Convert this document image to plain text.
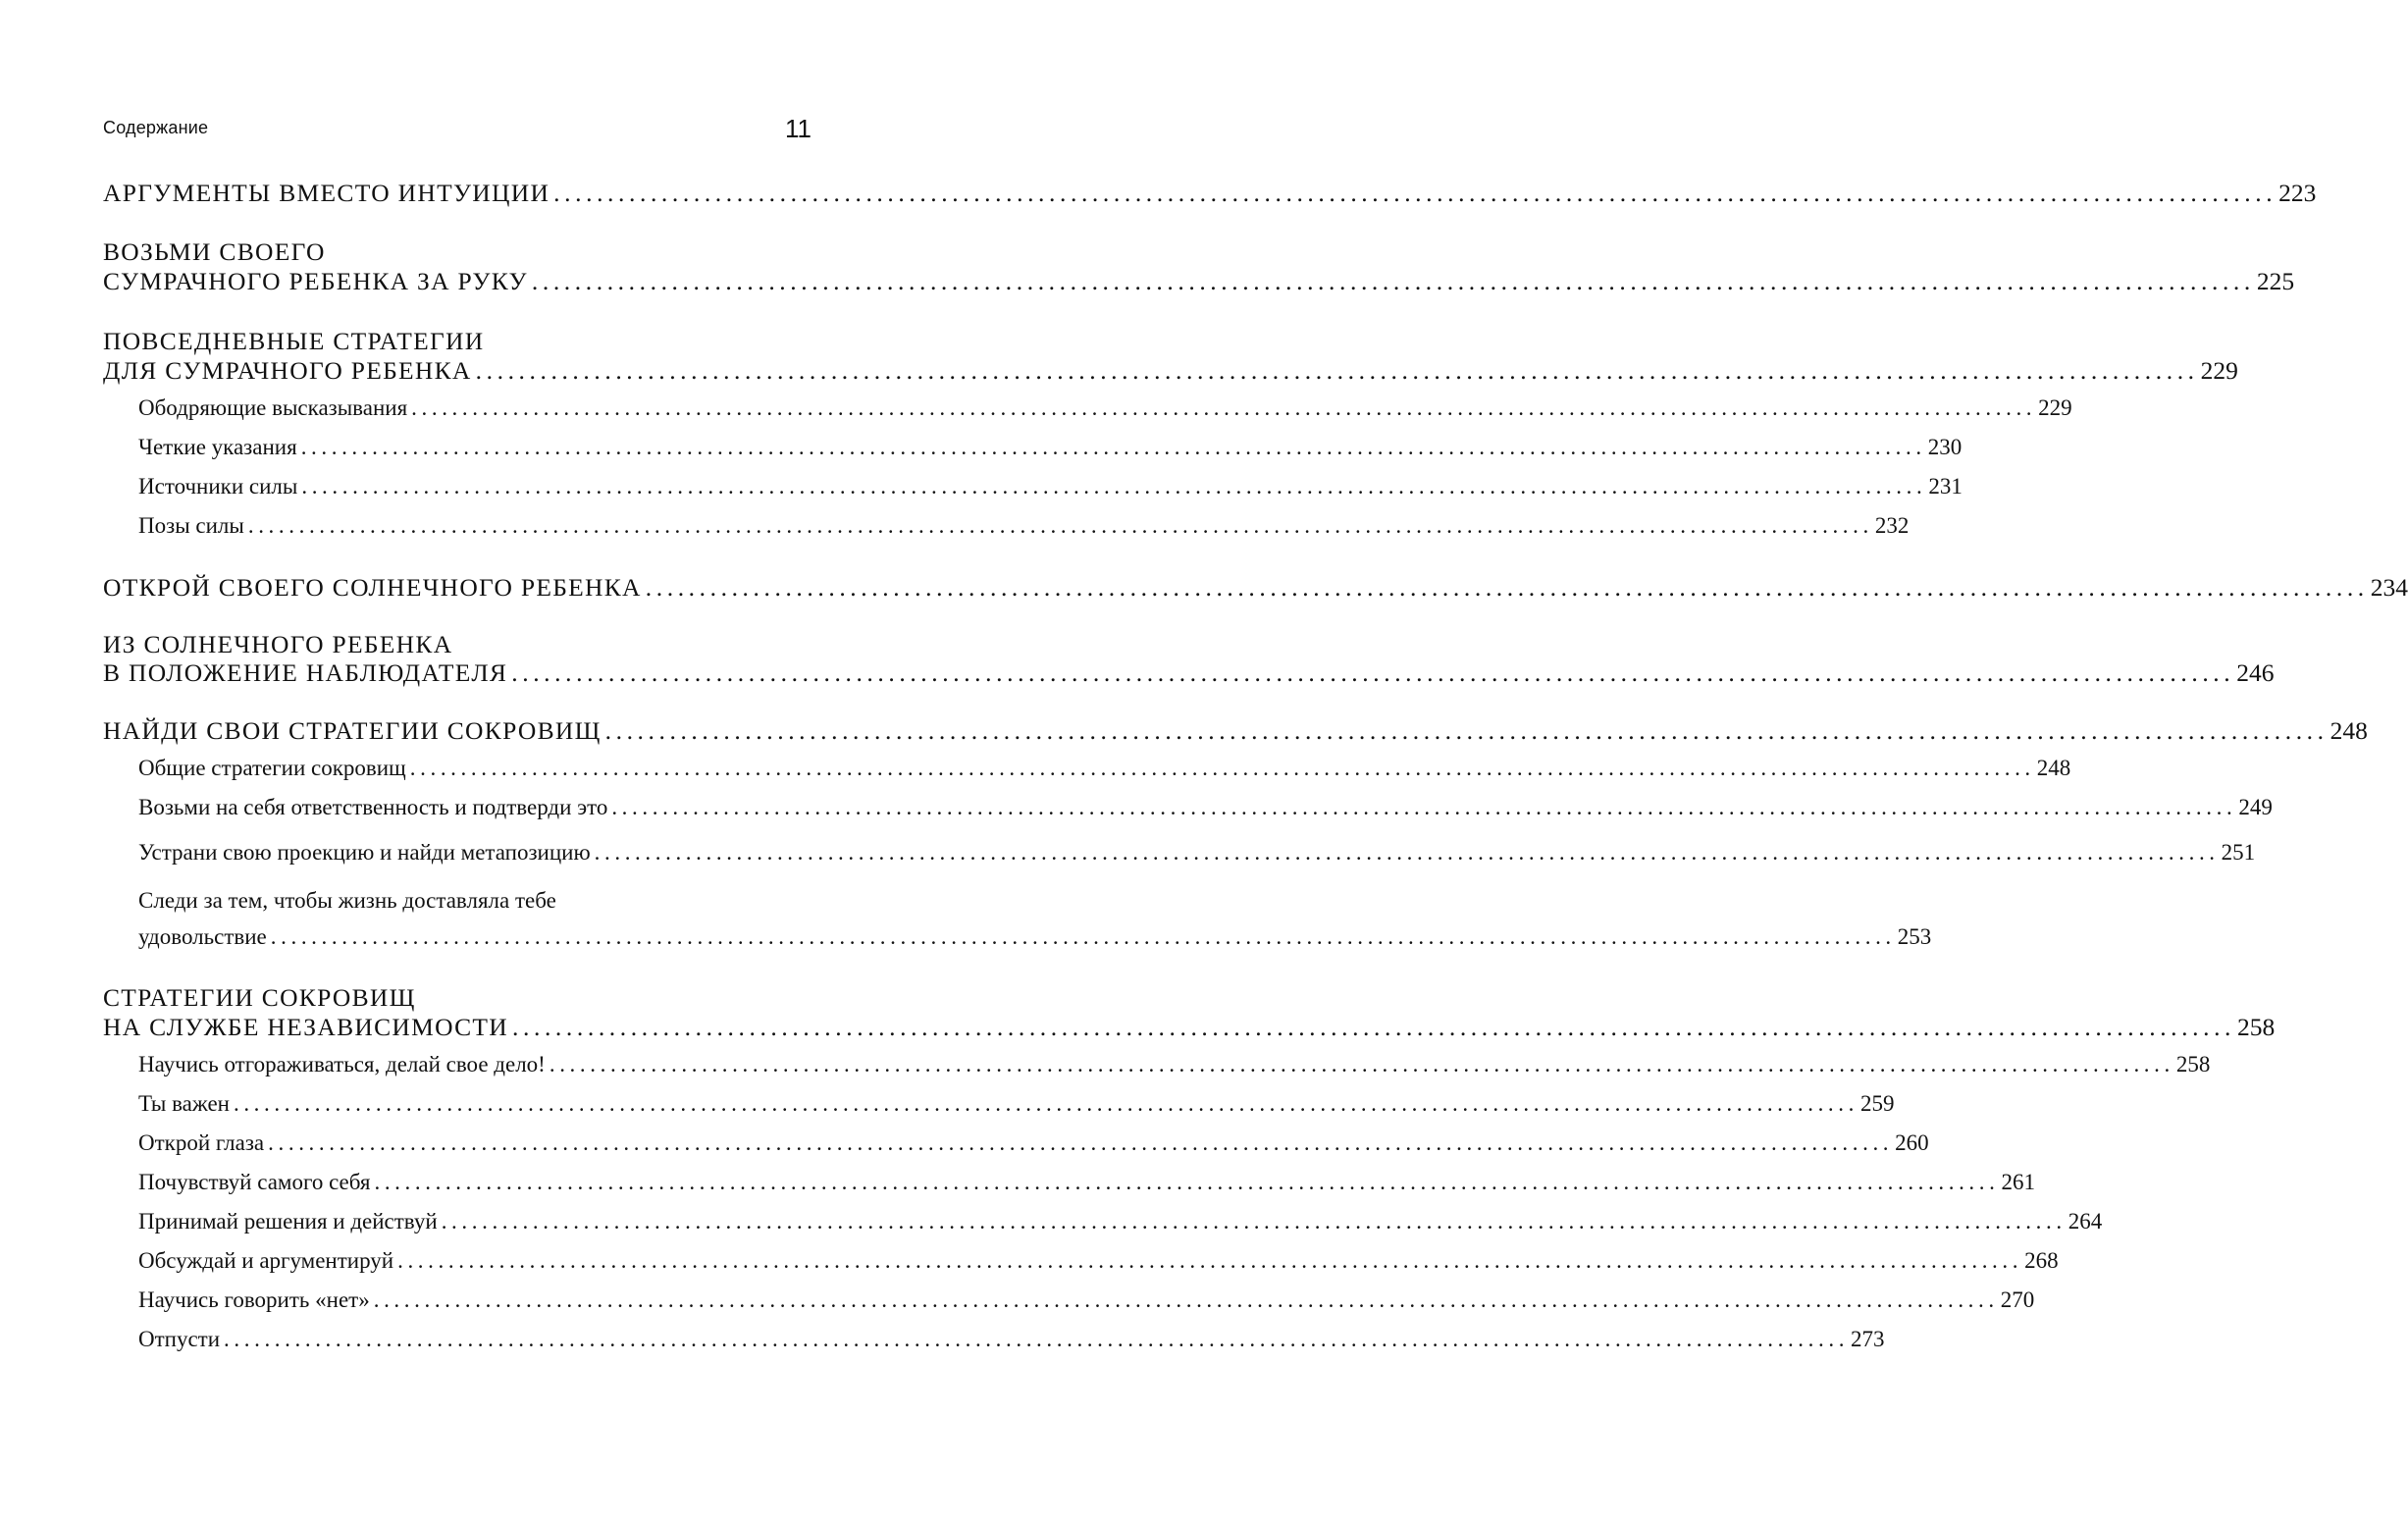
Содержание	11
АРГУМЕНТЫ ВМЕСТО ИНТУИЦИИ ................................................................................................................................................................ 223
ВОЗЬМИ СВОЕГО
СУМРАЧНОГО РЕБЕНКА ЗА РУКУ ................................................................................................................................................................ 225
ПОВСЕДНЕВНЫЕ СТРАТЕГИИ
ДЛЯ СУМРАЧНОГО РЕБЕНКА ................................................................................................................................................................ 229
Ободряющие высказывания ................................................................................................................................................................ 229
Четкие указания ................................................................................................................................................................ 230
Источники силы ................................................................................................................................................................ 231
Позы силы ................................................................................................................................................................ 232
ОТКРОЙ СВОЕГО СОЛНЕЧНОГО РЕБЕНКА ................................................................................................................................................................ 234
ИЗ СОЛНЕЧНОГО РЕБЕНКА
В ПОЛОЖЕНИЕ НАБЛЮДАТЕЛЯ ................................................................................................................................................................ 246
НАЙДИ СВОИ СТРАТЕГИИ СОКРОВИЩ ................................................................................................................................................................ 248
Общие стратегии сокровищ ................................................................................................................................................................ 248
Возьми на себя ответственность и подтверди это ................................................................................................................................................................ 249
Устрани свою проекцию и найди метапозицию ................................................................................................................................................................ 251
Следи за тем, чтобы жизнь доставляла тебе
удовольствие ................................................................................................................................................................ 253
СТРАТЕГИИ СОКРОВИЩ
НА СЛУЖБЕ НЕЗАВИСИМОСТИ ................................................................................................................................................................ 258
Научись отгораживаться, делай свое дело! ................................................................................................................................................................ 258
Ты важен ................................................................................................................................................................ 259
Открой глаза ................................................................................................................................................................ 260
Почувствуй самого себя ................................................................................................................................................................ 261
Принимай решения и действуй ................................................................................................................................................................ 264
Обсуждай и аргументируй ................................................................................................................................................................ 268
Научись говорить «нет» ................................................................................................................................................................ 270
Отпусти ................................................................................................................................................................ 273
